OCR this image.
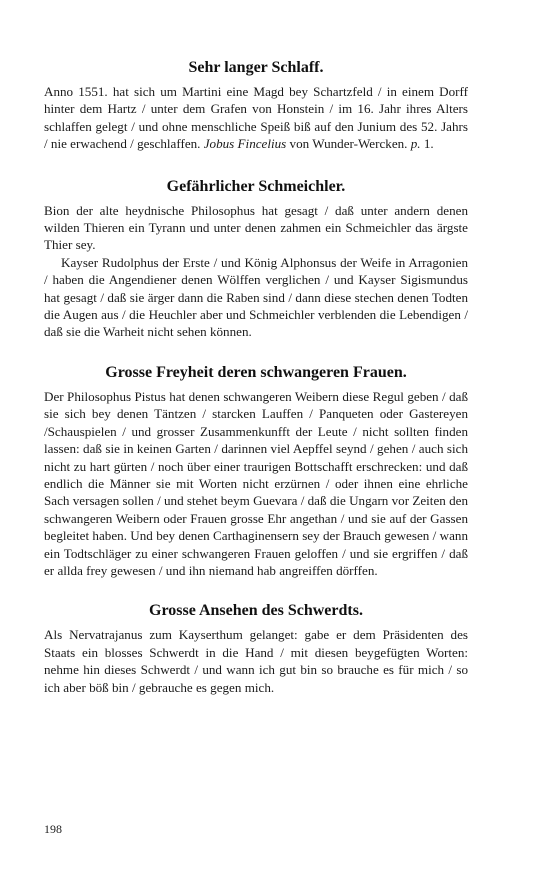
Sehr langer Schlaff.

Anno 1551. hat sich um Martini eine Magd bey Schartzfeld / in einem Dorff hinter dem Hartz / unter dem Grafen von Honstein / im 16. Jahr ihres Alters schlaffen gelegt / und ohne menschliche Speiß biß auf den Junium des 52. Jahrs / nie erwachend / geschlaffen. Jobus Fincelius von Wunder-Wercken. p. 1.

Gefährlicher Schmeichler.

Bion der alte heydnische Philosophus hat gesagt / daß unter andern denen wilden Thieren ein Tyrann und unter denen zahmen ein Schmeichler das ärgste Thier sey.

Kayser Rudolphus der Erste / und König Alphonsus der Weife in Arragonien / haben die Angendiener denen Wölffen verglichen / und Kayser Sigismundus hat gesagt / daß sie ärger dann die Raben sind / dann diese stechen denen Todten die Augen aus / die Heuchler aber und Schmeichler verblenden die Lebendigen / daß sie die Warheit nicht sehen können.

Grosse Freyheit deren schwangeren Frauen.

Der Philosophus Pistus hat denen schwangeren Weibern diese Regul geben / daß sie sich bey denen Täntzen / starcken Lauffen / Panqueten oder Gastereyen /Schauspielen / und grosser Zusammenkunfft der Leute / nicht sollten finden lassen: daß sie in keinen Garten / darinnen viel Aepffel seynd / gehen / auch sich nicht zu hart gürten / noch über einer traurigen Bottschafft erschrecken: und daß endlich die Männer sie mit Worten nicht erzürnen / oder ihnen eine ehrliche Sach versagen sollen / und stehet beym Guevara / daß die Ungarn vor Zeiten den schwangeren Weibern oder Frauen grosse Ehr angethan / und sie auf der Gassen begleitet haben. Und bey denen Carthaginensern sey der Brauch gewesen / wann ein Todtschläger zu einer schwangeren Frauen geloffen / und sie ergriffen / daß er allda frey gewesen / und ihn niemand hab angreiffen dörffen.

Grosse Ansehen des Schwerdts.

Als Nervatrajanus zum Kayserthum gelanget: gabe er dem Präsidenten des Staats ein blosses Schwerdt in die Hand / mit diesen beygefügten Worten: nehme hin dieses Schwerdt / und wann ich gut bin so brauche es für mich / so ich aber böß bin / gebrauche es gegen mich.

198
